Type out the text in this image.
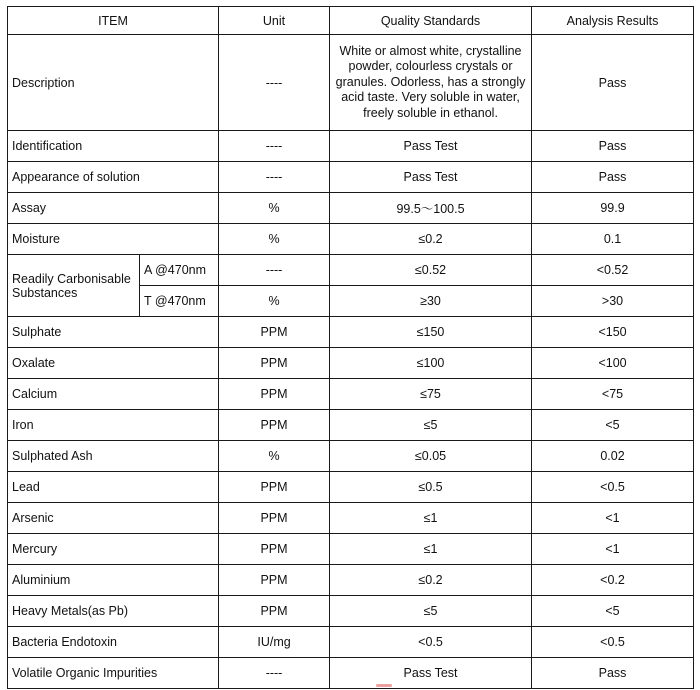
ITEM		Unit	Quality Standards	Analysis Results
Description		----	White or almost white, crystalline powder, colourless crystals or granules. Odorless, has a strongly acid taste. Very soluble in water, freely soluble in ethanol.	Pass
Identification		----	Pass Test	Pass
Appearance of solution		----	Pass Test	Pass
Assay		%	99.5～100.5	99.9
Moisture		%	≤0.2	0.1
Readily Carbonisable Substances	A @470nm	----	≤0.52	<0.52
	T @470nm	%	≥30	>30
Sulphate		PPM	≤150	<150
Oxalate		PPM	≤100	<100
Calcium		PPM	≤75	<75
Iron		PPM	≤5	<5
Sulphated Ash		%	≤0.05	0.02
Lead		PPM	≤0.5	<0.5
Arsenic		PPM	≤1	<1
Mercury		PPM	≤1	<1
Aluminium		PPM	≤0.2	<0.2
Heavy Metals(as Pb)		PPM	≤5	<5
Bacteria Endotoxin		IU/mg	<0.5	<0.5
Volatile Organic Impurities		----	Pass Test	Pass
